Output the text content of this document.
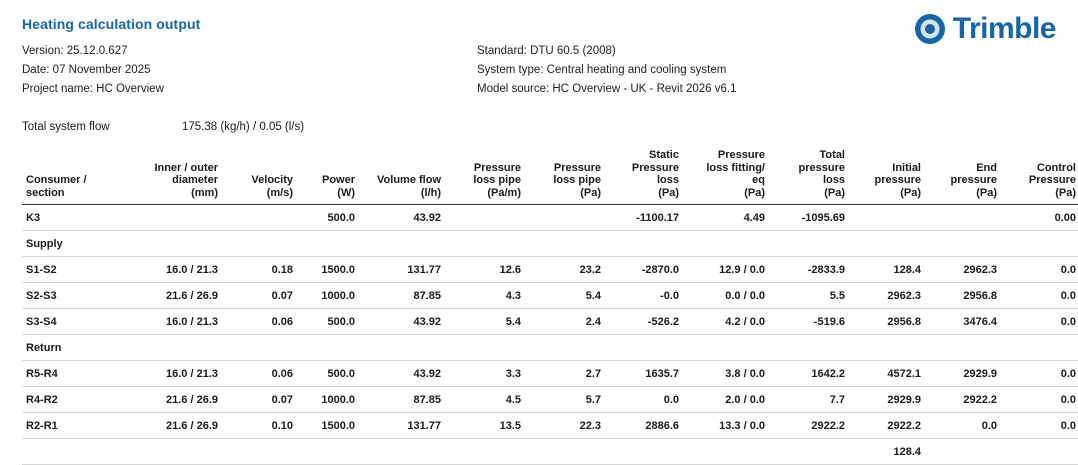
Trimble
Heating calculation output
Version: 25.12.0.627
Date: 07 November 2025
Project name: HC Overview
Standard: DTU 60.5 (2008)
System type: Central heating and cooling system
Model source: HC Overview - UK - Revit 2026 v6.1
Total system flow	175.38 (kg/h) / 0.05 (l/s)
Consumer /
section

Inner / outer
diameter
(mm)

Velocity
(m/s)

Power
(W)

Volume flow
(l/h)

Pressure
loss pipe
(Pa/m)

Pressure
loss pipe
(Pa)

Static
Pressure
loss
(Pa)

Pressure
loss fitting/
eq
(Pa)

Total
pressure
loss
(Pa)

Initial
pressure
(Pa)

End
pressure
(Pa)

Control
Pressure
(Pa)

K3			500.0	43.92			-1100.17	4.49	-1095.69			0.00
Supply												
S1-S2	16.0 / 21.3	0.18	1500.0	131.77	12.6	23.2	-2870.0	12.9 / 0.0	-2833.9	128.4	2962.3	0.0
S2-S3	21.6 / 26.9	0.07	1000.0	87.85	4.3	5.4	-0.0	0.0 / 0.0	5.5	2962.3	2956.8	0.0
S3-S4	16.0 / 21.3	0.06	500.0	43.92	5.4	2.4	-526.2	4.2 / 0.0	-519.6	2956.8	3476.4	0.0
Return												
R5-R4	16.0 / 21.3	0.06	500.0	43.92	3.3	2.7	1635.7	3.8 / 0.0	1642.2	4572.1	2929.9	0.0
R4-R2	21.6 / 26.9	0.07	1000.0	87.85	4.5	5.7	0.0	2.0 / 0.0	7.7	2929.9	2922.2	0.0
R2-R1	21.6 / 26.9	0.10	1500.0	131.77	13.5	22.3	2886.6	13.3 / 0.0	2922.2	2922.2	0.0	0.0
										128.4		
